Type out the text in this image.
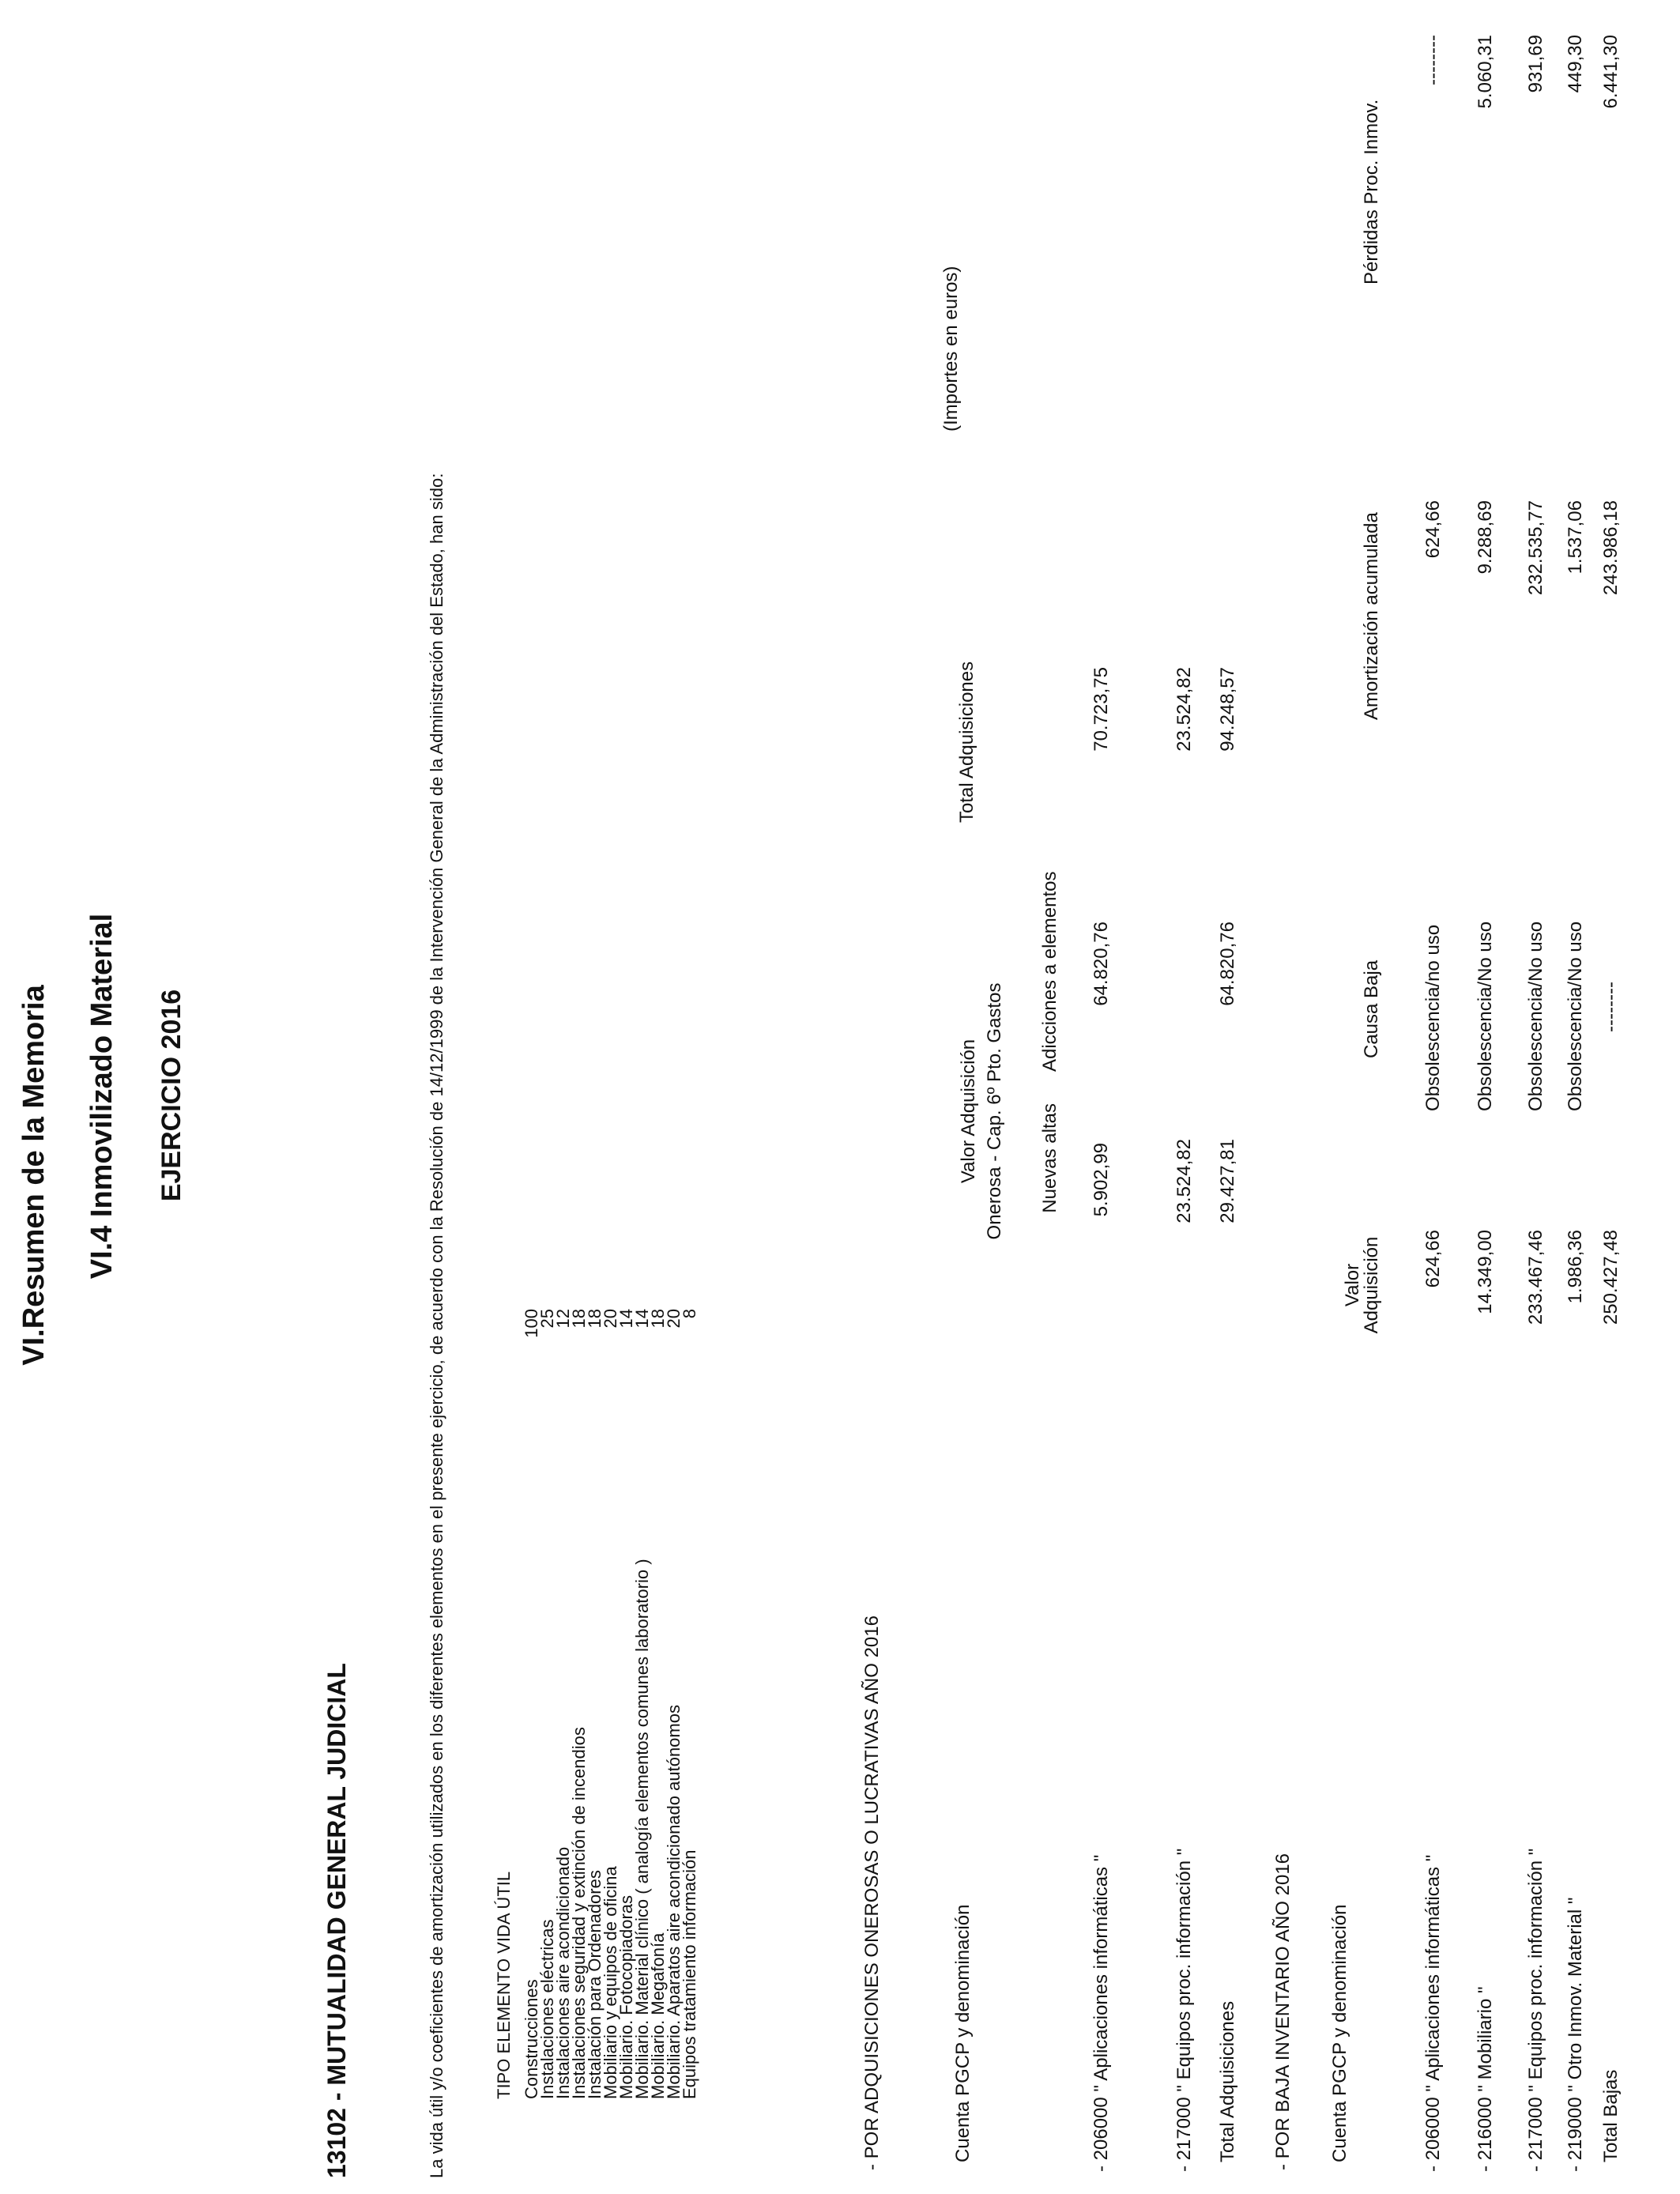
VI.Resumen de la Memoria VI.4 Inmovilizado Material EJERCICIO 2016
13102 - MUTUALIDAD GENERAL JUDICIAL	La vida útil y/o coeficientes de amortización utilizados en los diferentes elementos en el presente ejercicio, de acuerdo con la Resolución de 14/12/1999 de la Intervención General de la Administración del Estado, han sido:	TIPO ELEMENTO VIDA ÚTIL Construcciones
Instalaciones eléctricas
Instalaciones aire acondicionado
Instalaciones seguridad y extinción de incendios
Instalación para Ordenadores
Mobiliario y equipos de oficina
Mobiliario. Fotocopiadoras
Mobiliario. Material clínico ( analogía elementos comunes laboratorio )
Mobiliario. Megafonía
Mobiliario. Aparatos aire acondicionado autónomos
Equipos tratamiento información
100
25
12
18
18
20
14
14
18
20
8
- POR ADQUISICIONES ONEROSAS O LUCRATIVAS AÑO 2016
(Importes en euros)
Cuenta PGCP y denominación
Valor Adquisición Onerosa - Cap. 6º Pto. Gastos
Total Adquisiciones
Nuevas altas
Adicciones a elementos
- 206000 " Aplicaciones informáticas "
5.902,99
64.820,76
70.723,75
- 217000 " Equipos proc. información "
23.524,82
23.524,82
Total Adquisiciones
29.427,81
64.820,76
94.248,57
- POR BAJA INVENTARIO AÑO 2016 Cuenta PGCP y denominación
Valor
Adquisición
Causa Baja
Amortización acumulada
Pérdidas Proc. Inmov.
- 206000 " Aplicaciones informáticas "
624,66
Obsolescencia/no uso
624,66
--------
- 216000 " Mobiliario "
14.349,00
Obsolescencia/No uso
9.288,69
5.060,31
- 217000 " Equipos proc. información "
233.467,46
Obsolescencia/No uso
232.535,77
931,69
- 219000 " Otro Inmov. Material "
1.986,36
Obsolescencia/No uso
1.537,06
449,30
Total Bajas
250.427,48
--------
243.986,18
6.441,30
